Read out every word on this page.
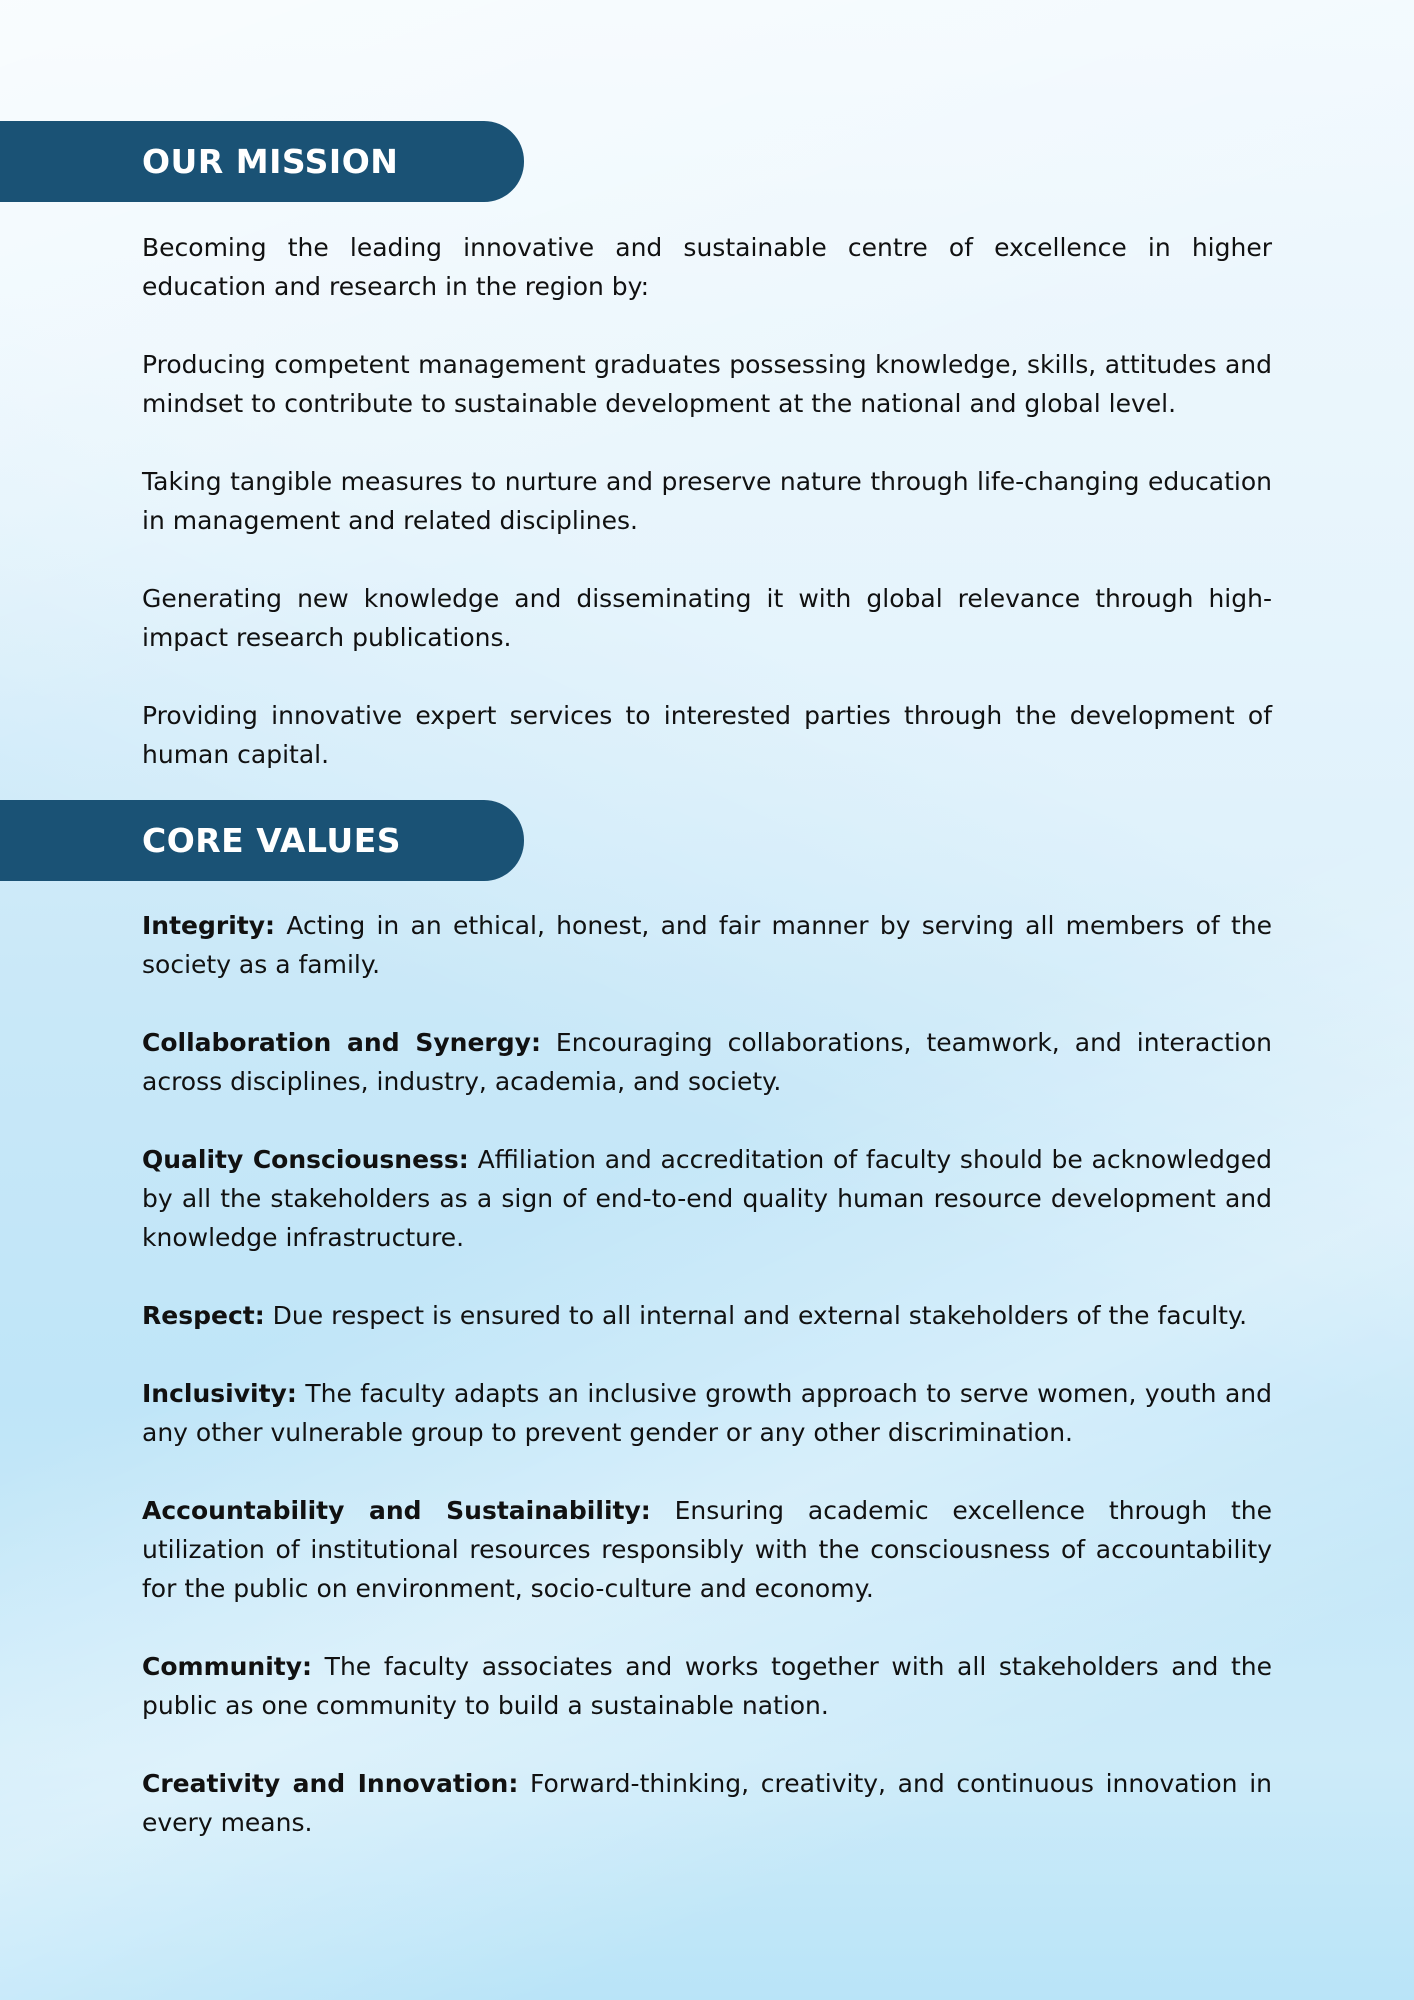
OUR MISSION

Becoming the leading innovative and sustainable centre of excellence in higher education and research in the region by:

Producing competent management graduates possessing knowledge, skills, attitudes and mindset to contribute to sustainable development at the national and global level.

Taking tangible measures to nurture and preserve nature through life-changing education in management and related disciplines.

Generating new knowledge and disseminating it with global relevance through high-impact research publications.

Providing innovative expert services to interested parties through the development of human capital.

CORE VALUES

Integrity: Acting in an ethical, honest, and fair manner by serving all members of the society as a family.

Collaboration and Synergy: Encouraging collaborations, teamwork, and interaction across disciplines, industry, academia, and society.

Quality Consciousness: Affiliation and accreditation of faculty should be acknowledged by all the stakeholders as a sign of end-to-end quality human resource development and knowledge infrastructure.

Respect: Due respect is ensured to all internal and external stakeholders of the faculty.

Inclusivity: The faculty adapts an inclusive growth approach to serve women, youth and any other vulnerable group to prevent gender or any other discrimination.

Accountability and Sustainability: Ensuring academic excellence through the utilization of institutional resources responsibly with the consciousness of accountability for the public on environment, socio-culture and economy.

Community: The faculty associates and works together with all stakeholders and the public as one community to build a sustainable nation.

Creativity and Innovation: Forward-thinking, creativity, and continuous innovation in every means.
